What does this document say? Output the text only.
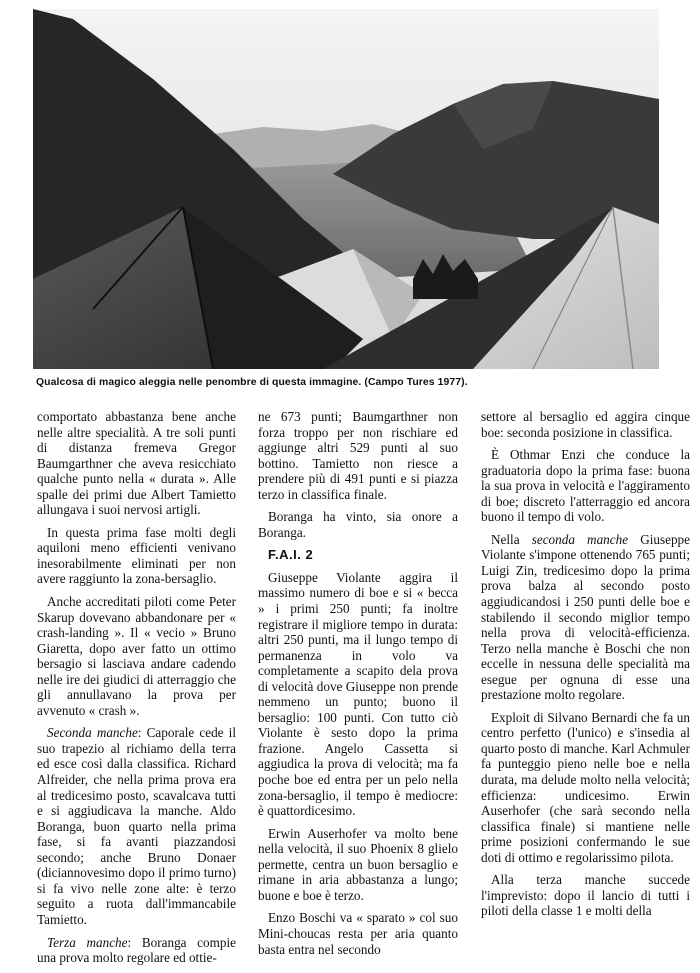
Qualcosa di magico aleggia nelle penombre di questa immagine. (Campo Tures 1977).

comportato abbastanza bene anche nelle altre specialità. A tre soli punti di distanza fremeva Gregor Baumgarthner che aveva resicchiato qualche punto nella « durata ». Alle spalle dei primi due Albert Tamietto allungava i suoi nervosi artigli.

In questa prima fase molti degli aquiloni meno efficienti venivano inesorabilmente eliminati per non avere raggiunto la zona-bersaglio.

Anche accreditati piloti come Peter Skarup dovevano abbandonare per « crash-landing ». Il « vecio » Bruno Giaretta, dopo aver fatto un ottimo bersagio si lasciava andare cadendo nelle ire dei giudici di atterraggio che gli annullavano la prova per avvenuto « crash ».

Seconda manche: Caporale cede il suo trapezio al richiamo della terra ed esce così dalla classifica. Richard Alfreider, che nella prima prova era al tredicesimo posto, scavalcava tutti e si aggiudicava la manche. Aldo Boranga, buon quarto nella prima fase, si fa avanti piazzandosi secondo; anche Bruno Donaer (diciannovesimo dopo il primo turno) si fa vivo nelle zone alte: è terzo seguito a ruota dall'immancabile Tamietto.

Terza manche: Boranga compie una prova molto regolare ed ottie-

ne 673 punti; Baumgarthner non forza troppo per non rischiare ed aggiunge altri 529 punti al suo bottino. Tamietto non riesce a prendere più di 491 punti e si piazza terzo in classifica finale.

Boranga ha vinto, sia onore a Boranga.

F.A.I. 2

Giuseppe Violante aggira il massimo numero di boe e si « becca » i primi 250 punti; fa inoltre registrare il migliore tempo in durata: altri 250 punti, ma il lungo tempo di permanenza in volo va completamente a scapito dela prova di velocità dove Giuseppe non prende nemmeno un punto; buono il bersaglio: 100 punti. Con tutto ciò Violante è sesto dopo la prima frazione. Angelo Cassetta si aggiudica la prova di velocità; ma fa poche boe ed entra per un pelo nella zona-bersaglio, il tempo è mediocre: è quattordicesimo.

Erwin Auserhofer va molto bene nella velocità, il suo Phoenix 8 glielo permette, centra un buon bersaglio e rimane in aria abbastanza a lungo; buone e boe è terzo.

Enzo Boschi va « sparato » col suo Mini-choucas resta per aria quanto basta entra nel secondo

settore al bersaglio ed aggira cinque boe: seconda posizione in classifica.

È Othmar Enzi che conduce la graduatoria dopo la prima fase: buona la sua prova in velocità e l'aggiramento di boe; discreto l'atterraggio ed ancora buono il tempo di volo.

Nella seconda manche Giuseppe Violante s'impone ottenendo 765 punti; Luigi Zin, tredicesimo dopo la prima prova balza al secondo posto aggiudicandosi i 250 punti delle boe e stabilendo il secondo miglior tempo nella prova di velocità-efficienza. Terzo nella manche è Boschi che non eccelle in nessuna delle specialità ma esegue per ognuna di esse una prestazione molto regolare.

Exploit di Silvano Bernardi che fa un centro perfetto (l'unico) e s'insedia al quarto posto di manche. Karl Achmuler fa punteggio pieno nelle boe e nella durata, ma delude molto nella velocità; efficienza: undicesimo. Erwin Auserhofer (che sarà secondo nella classifica finale) si mantiene nelle prime posizioni confermando le sue doti di ottimo e regolarissimo pilota.

Alla terza manche succede l'imprevisto: dopo il lancio di tutti i piloti della classe 1 e molti della
